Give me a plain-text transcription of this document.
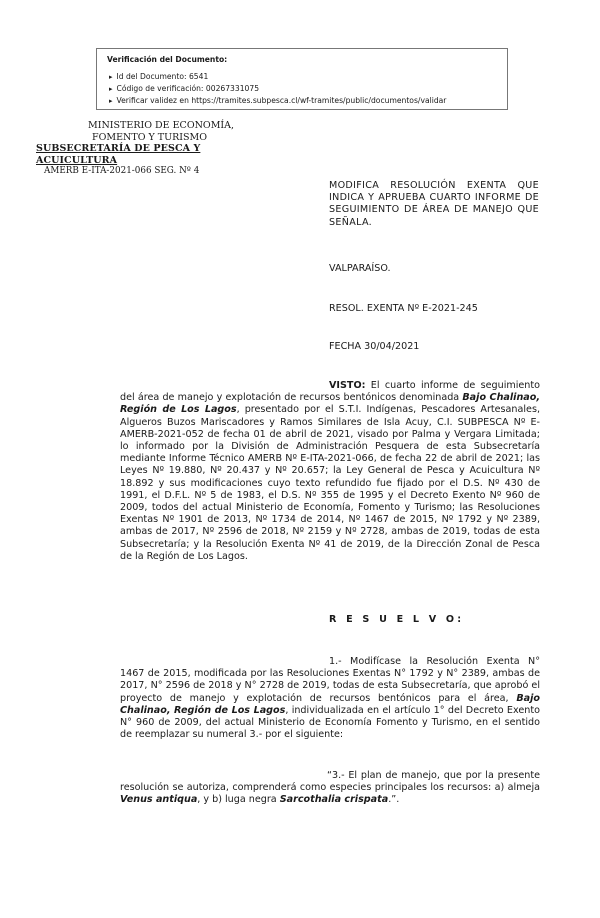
Verificación del Documento:
▸ Id del Documento: 6541
▸ Código de verificación: 00267331075
▸ Verificar validez en https://tramites.subpesca.cl/wf-tramites/public/documentos/validar
MINISTERIO DE ECONOMÍA,
FOMENTO Y TURISMO
SUBSECRETARÍA DE PESCA Y ACUICULTURA
AMERB E-ITA-2021-066 SEG. Nº 4
MODIFICA RESOLUCIÓN EXENTA QUE INDICA Y APRUEBA CUARTO INFORME DE SEGUIMIENTO DE ÁREA DE MANEJO QUE SEÑALA.
VALPARAÍSO.
RESOL. EXENTA Nº E-2021-245
FECHA 30/04/2021
VISTO: El cuarto informe de seguimiento del área de manejo y explotación de recursos bentónicos denominada Bajo Chalinao, Región de Los Lagos, presentado por el S.T.I. Indígenas, Pescadores Artesanales, Algueros Buzos Mariscadores y Ramos Similares de Isla Acuy, C.I. SUBPESCA Nº E-AMERB-2021-052 de fecha 01 de abril de 2021, visado por Palma y Vergara Limitada; lo informado por la División de Administración Pesquera de esta Subsecretaría mediante Informe Técnico AMERB Nº E-ITA-2021-066, de fecha 22 de abril de 2021; las Leyes Nº 19.880, Nº 20.437 y Nº 20.657; la Ley General de Pesca y Acuicultura Nº 18.892 y sus modificaciones cuyo texto refundido fue fijado por el D.S. Nº 430 de 1991, el D.F.L. Nº 5 de 1983, el D.S. Nº 355 de 1995 y el Decreto Exento Nº 960 de 2009, todos del actual Ministerio de Economía, Fomento y Turismo; las Resoluciones Exentas Nº 1901 de 2013, Nº 1734 de 2014, Nº 1467 de 2015, Nº 1792 y Nº 2389, ambas de 2017, Nº 2596 de 2018, Nº 2159 y Nº 2728, ambas de 2019, todas de esta Subsecretaría; y la Resolución Exenta Nº 41 de 2019, de la Dirección Zonal de Pesca de la Región de Los Lagos.
R E S U E L V O:
1.- Modifícase la Resolución Exenta N° 1467 de 2015, modificada por las Resoluciones Exentas N° 1792 y N° 2389, ambas de 2017, N° 2596 de 2018 y N° 2728 de 2019, todas de esta Subsecretaría, que aprobó el proyecto de manejo y explotación de recursos bentónicos para el área, Bajo Chalinao, Región de Los Lagos, individualizada en el artículo 1° del Decreto Exento N° 960 de 2009, del actual Ministerio de Economía Fomento y Turismo, en el sentido de reemplazar su numeral 3.- por el siguiente:
“3.- El plan de manejo, que por la presente resolución se autoriza, comprenderá como especies principales los recursos: a) almeja Venus antiqua, y b) luga negra Sarcothalia crispata.”.
